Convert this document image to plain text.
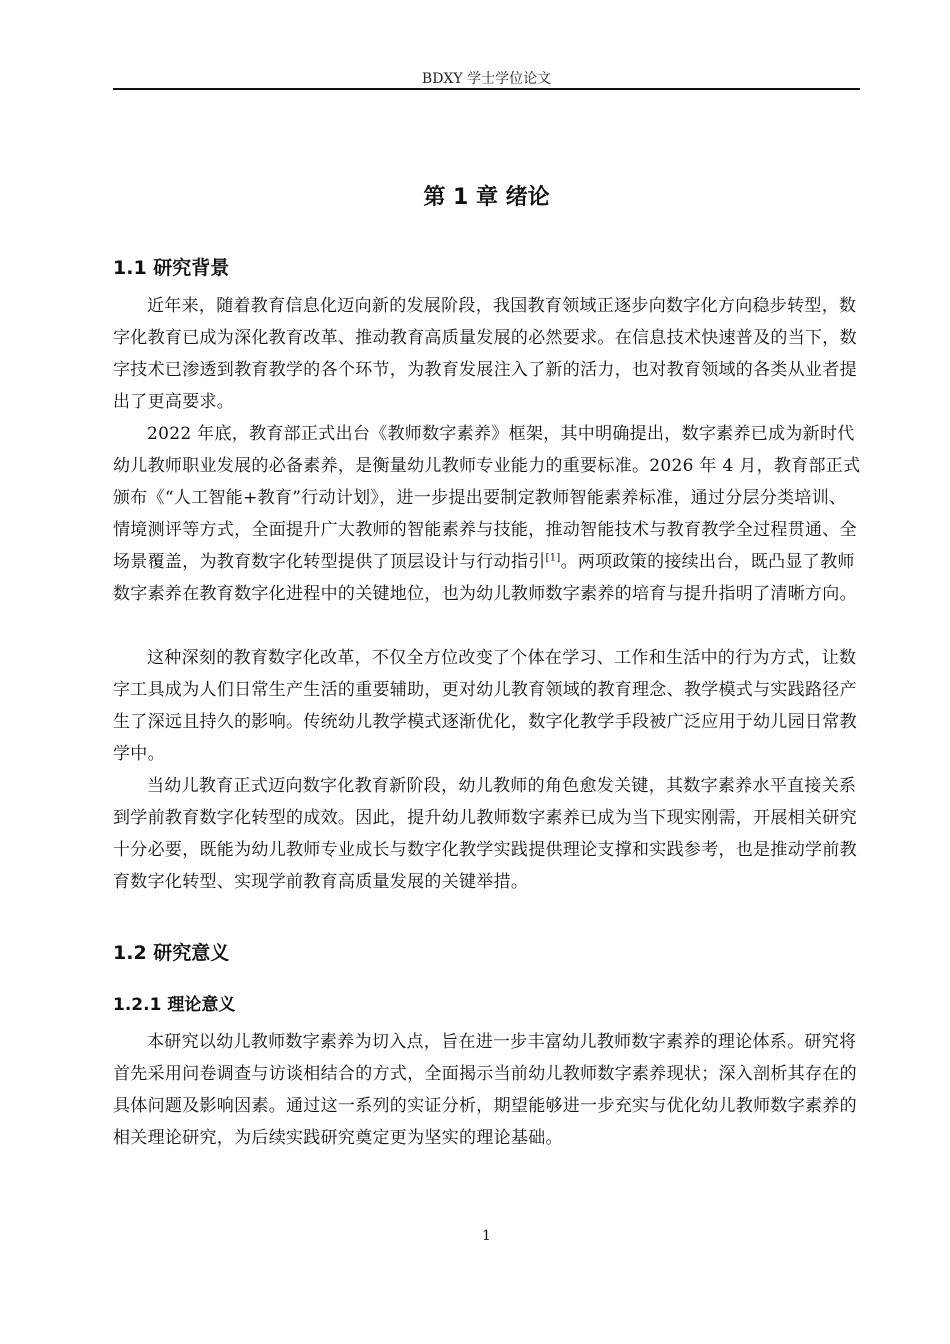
BDXY 学士学位论文
第 1 章 绪论
1.1 研究背景

近年来，随着教育信息化迈向新的发展阶段，我国教育领域正逐步向数字化方向稳步转型，数字化教育已成为深化教育改革、推动教育高质量发展的必然要求。在信息技术快速普及的当下，数字技术已渗透到教育教学的各个环节，为教育发展注入了新的活力，也对教育领域的各类从业者提出了更高要求。

2022 年底，教育部正式出台《教师数字素养》框架，其中明确提出，数字素养已成为新时代幼儿教师职业发展的必备素养，是衡量幼儿教师专业能力的重要标准。2026 年 4 月，教育部正式颁布《“人工智能+教育”行动计划》，进一步提出要制定教师智能素养标准，通过分层分类培训、情境测评等方式，全面提升广大教师的智能素养与技能，推动智能技术与教育教学全过程贯通、全场景覆盖，为教育数字化转型提供了顶层设计与行动指引[1]。两项政策的接续出台，既凸显了教师数字素养在教育数字化进程中的关键地位，也为幼儿教师数字素养的培育与提升指明了清晰方向。

这种深刻的教育数字化改革，不仅全方位改变了个体在学习、工作和生活中的行为方式，让数字工具成为人们日常生产生活的重要辅助，更对幼儿教育领域的教育理念、教学模式与实践路径产生了深远且持久的影响。传统幼儿教学模式逐渐优化，数字化教学手段被广泛应用于幼儿园日常教学中。

当幼儿教育正式迈向数字化教育新阶段，幼儿教师的角色愈发关键，其数字素养水平直接关系到学前教育数字化转型的成效。因此，提升幼儿教师数字素养已成为当下现实刚需，开展相关研究十分必要，既能为幼儿教师专业成长与数字化教学实践提供理论支撑和实践参考，也是推动学前教育数字化转型、实现学前教育高质量发展的关键举措。

1.2 研究意义
1.2.1 理论意义

本研究以幼儿教师数字素养为切入点，旨在进一步丰富幼儿教师数字素养的理论体系。研究将首先采用问卷调查与访谈相结合的方式，全面揭示当前幼儿教师数字素养现状；深入剖析其存在的具体问题及影响因素。通过这一系列的实证分析，期望能够进一步充实与优化幼儿教师数字素养的相关理论研究，为后续实践研究奠定更为坚实的理论基础。

1
